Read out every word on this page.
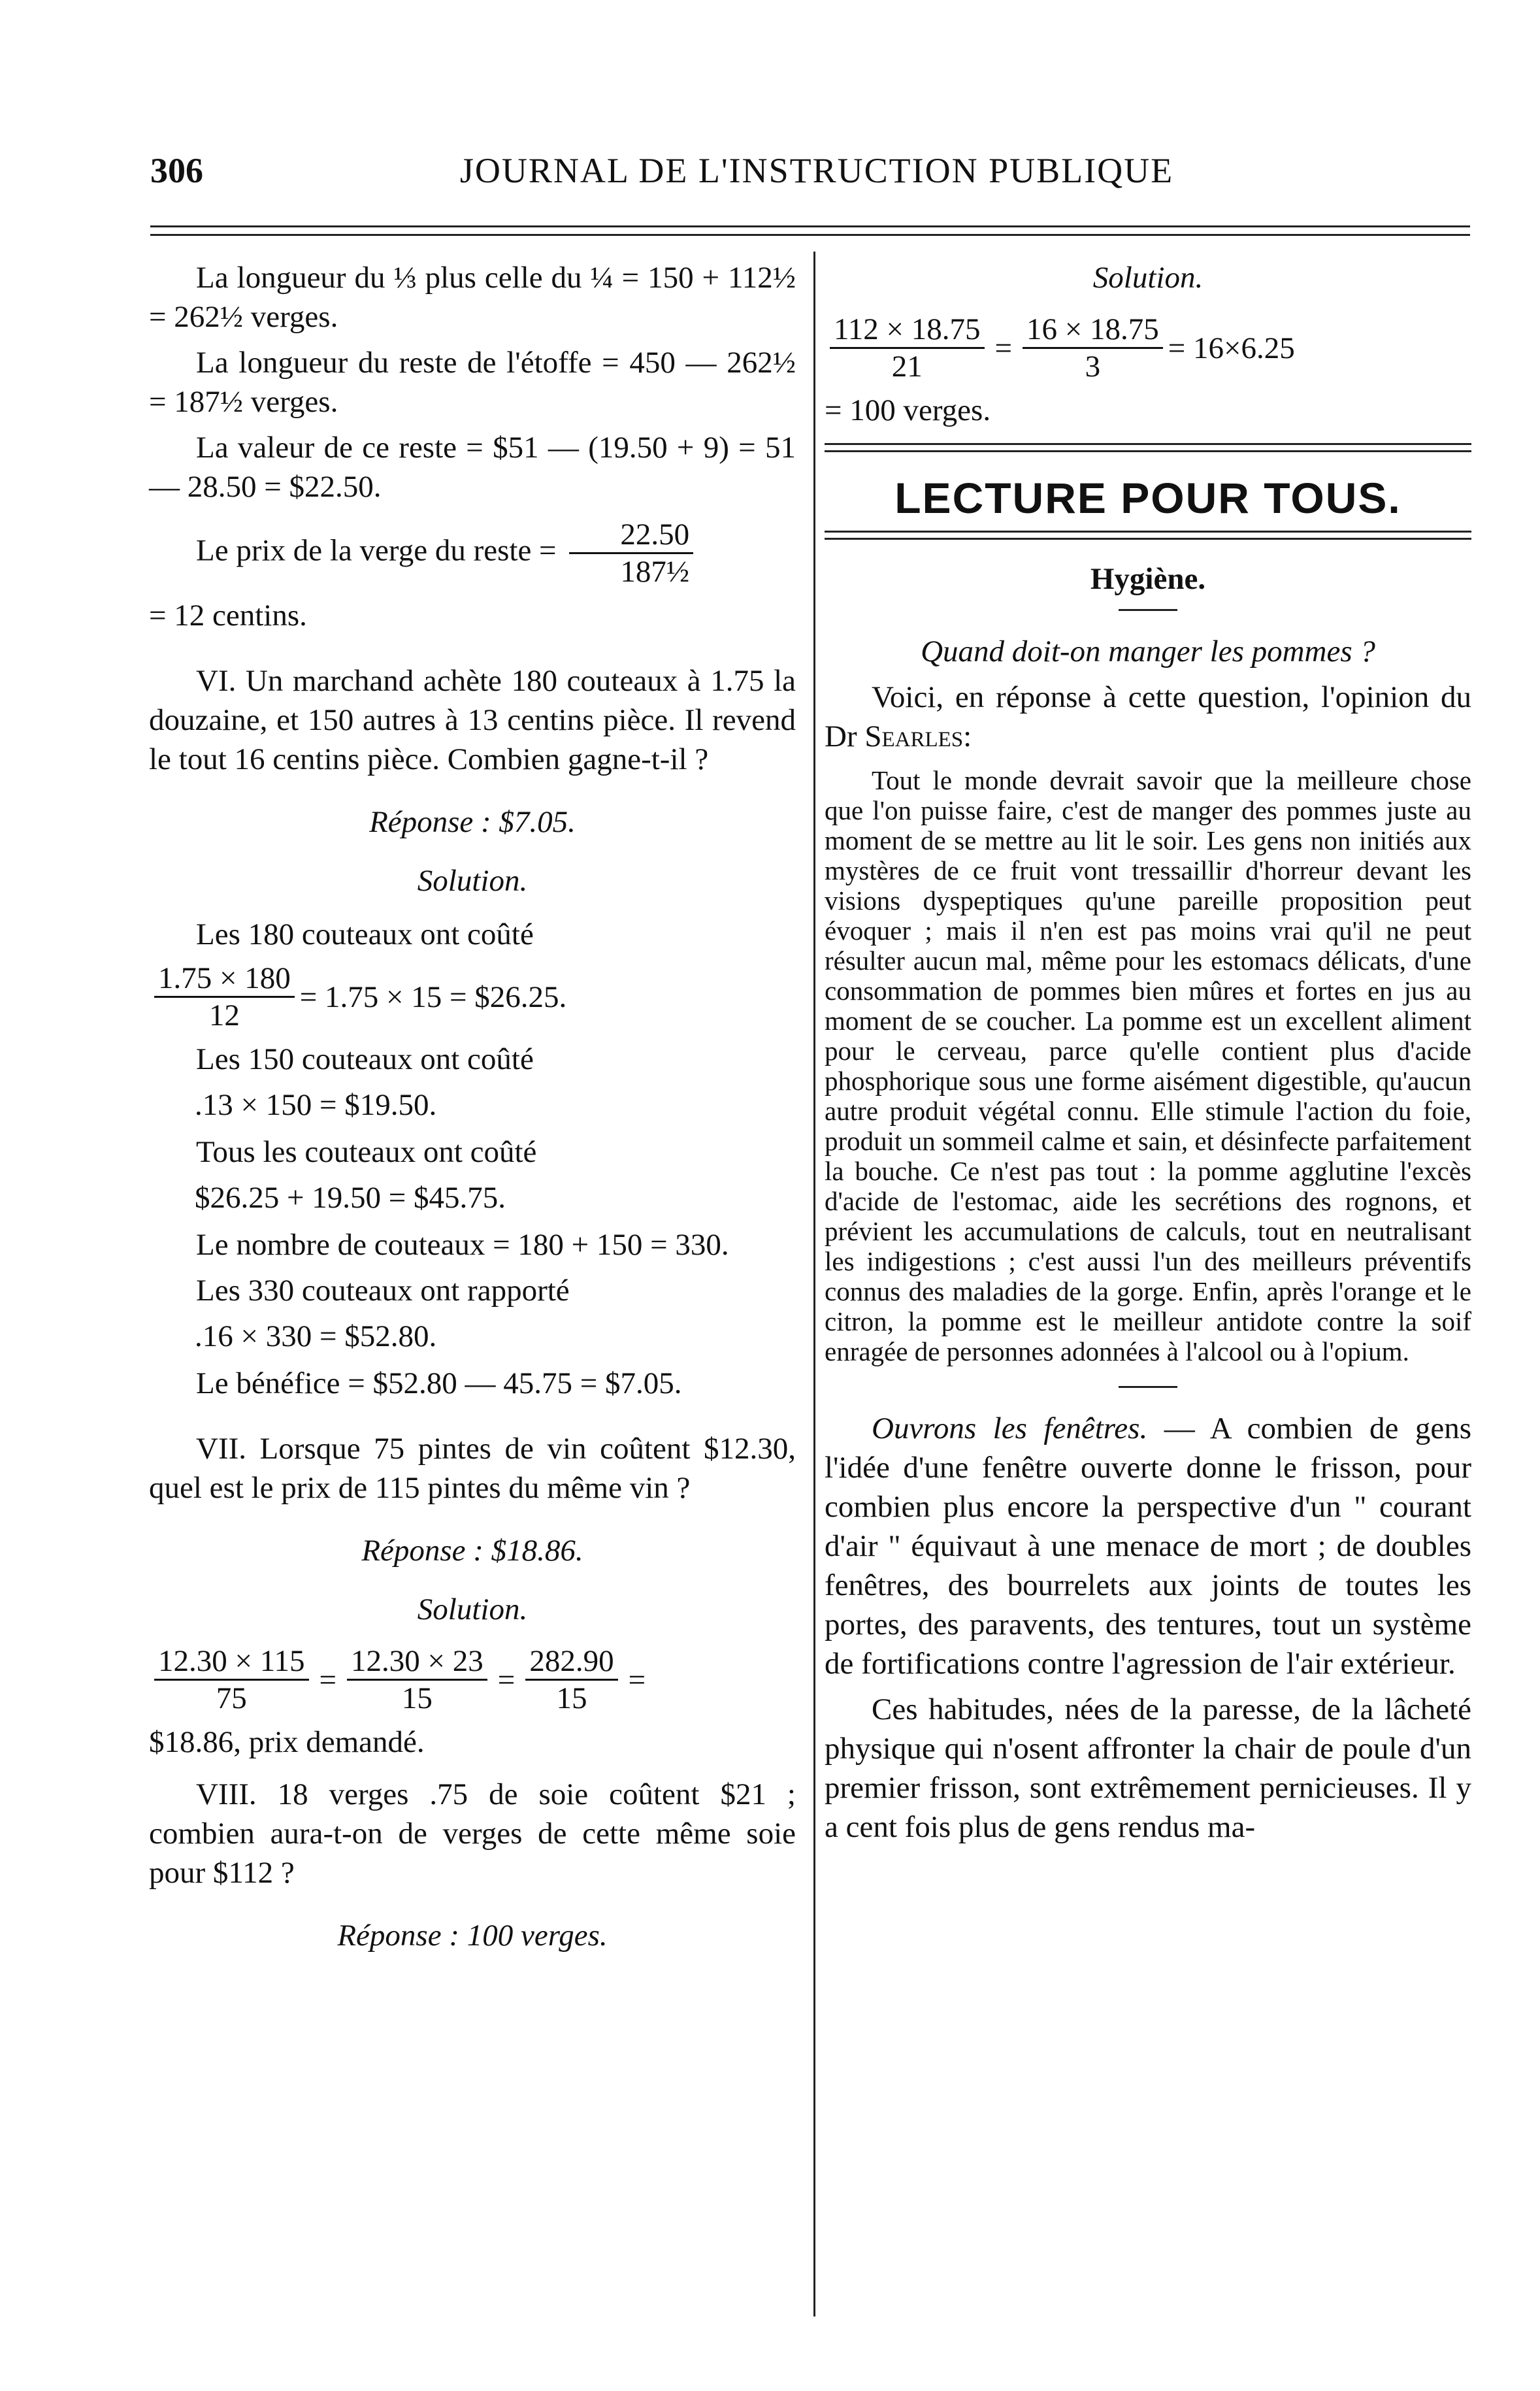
306	JOURNAL DE L'INSTRUCTION PUBLIQUE

La longueur du ⅓ plus celle du ¼ = 150 + 112½ = 262½ verges.

La longueur du reste de l'étoffe = 450 — 262½ = 187½ verges.

La valeur de ce reste = $51 — (19.50 + 9) = 51 — 28.50 = $22.50.

Le prix de la verge du reste = $\frac{22.50}{\text{187½}}$

= 12 centins.

VI. Un marchand achète 180 couteaux à 1.75 la douzaine, et 150 autres à 13 centins pièce. Il revend le tout 16 centins pièce. Combien gagne-t-il ?

Réponse : $7.05.

Solution.

Les 180 couteaux ont coûté

$\frac{1.75 \times 180}{12} = 1.75 \times 15$ = $26.25.

Les 150 couteaux ont coûté

.13 × 150 = $19.50.

Tous les couteaux ont coûté

$26.25 + 19.50 = $45.75.

Le nombre de couteaux = 180 + 150 = 330.

Les 330 couteaux ont rapporté

.16 × 330 = $52.80.

Le bénéfice = $52.80 — 45.75 = $7.05.

VII. Lorsque 75 pintes de vin coûtent $12.30, quel est le prix de 115 pintes du même vin ?

Réponse : $18.86.

Solution.

$\frac{12.30 \times 115}{75} = \frac{12.30 \times 23}{15} = \frac{282.90}{15}$ =

$18.86, prix demandé.

VIII. 18 verges .75 de soie coûtent $21 ; combien aura-t-on de verges de cette même soie pour $112 ?

Réponse : 100 verges.

Solution.

$\frac{112 \times 18.75}{21} = \frac{16 \times 18.75}{3} = 16\times 6.25$

= 100 verges.

LECTURE POUR TOUS.

Hygiène.

Quand doit-on manger les pommes ?

Voici, en réponse à cette question, l'opinion du Dr Searles:

Tout le monde devrait savoir que la meilleure chose que l'on puisse faire, c'est de manger des pommes juste au moment de se mettre au lit le soir. Les gens non initiés aux mystères de ce fruit vont tressaillir d'horreur devant les visions dyspeptiques qu'une pareille proposition peut évoquer ; mais il n'en est pas moins vrai qu'il ne peut résulter aucun mal, même pour les estomacs délicats, d'une consommation de pommes bien mûres et fortes en jus au moment de se coucher. La pomme est un excellent aliment pour le cerveau, parce qu'elle contient plus d'acide phosphorique sous une forme aisément digestible, qu'aucun autre produit végétal connu. Elle stimule l'action du foie, produit un sommeil calme et sain, et désinfecte parfaitement la bouche. Ce n'est pas tout : la pomme agglutine l'excès d'acide de l'estomac, aide les secrétions des rognons, et prévient les accumulations de calculs, tout en neutralisant les indigestions ; c'est aussi l'un des meilleurs préventifs connus des maladies de la gorge. Enfin, après l'orange et le citron, la pomme est le meilleur antidote contre la soif enragée de personnes adonnées à l'alcool ou à l'opium.

Ouvrons les fenêtres. — A combien de gens l'idée d'une fenêtre ouverte donne le frisson, pour combien plus encore la perspective d'un " courant d'air " équivaut à une menace de mort ; de doubles fenêtres, des bourrelets aux joints de toutes les portes, des paravents, des tentures, tout un système de fortifications contre l'agression de l'air extérieur.

Ces habitudes, nées de la paresse, de la lâcheté physique qui n'osent affronter la chair de poule d'un premier frisson, sont extrêmement pernicieuses. Il y a cent fois plus de gens rendus ma-
